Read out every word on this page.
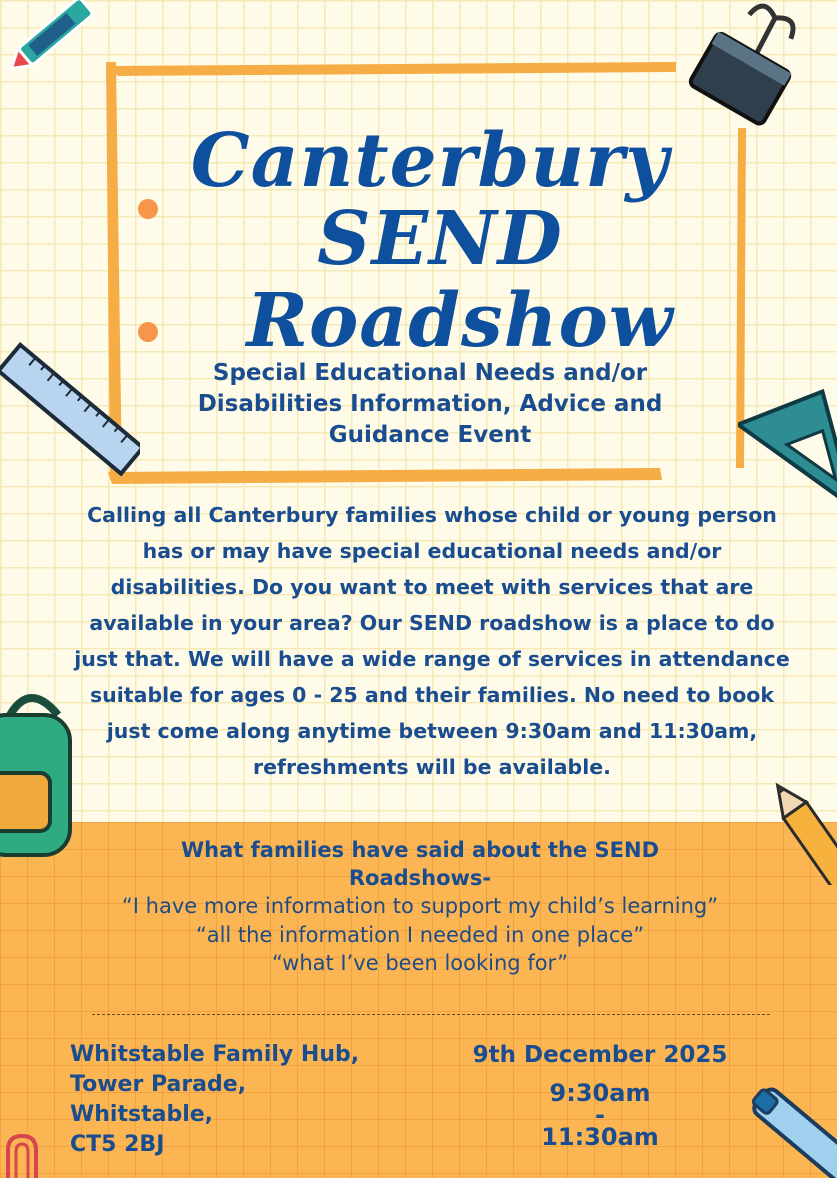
Canterbury
SEND
Roadshow
Special Educational Needs and/or Disabilities Information, Advice and Guidance Event
Calling all Canterbury families whose child or young person has or may have special educational needs and/or disabilities. Do you want to meet with services that are available in your area? Our SEND roadshow is a place to do just that. We will have a wide range of services in attendance suitable for ages 0 - 25 and their families. No need to book just come along anytime between 9:30am and 11:30am, refreshments will be available.
What families have said about the SEND Roadshows-
“I have more information to support my child’s learning”
“all the information I needed in one place”
“what I’ve been looking for”
Whitstable Family Hub,
Tower Parade,
Whitstable,
CT5 2BJ
9th December 2025
9:30am
-
11:30am
